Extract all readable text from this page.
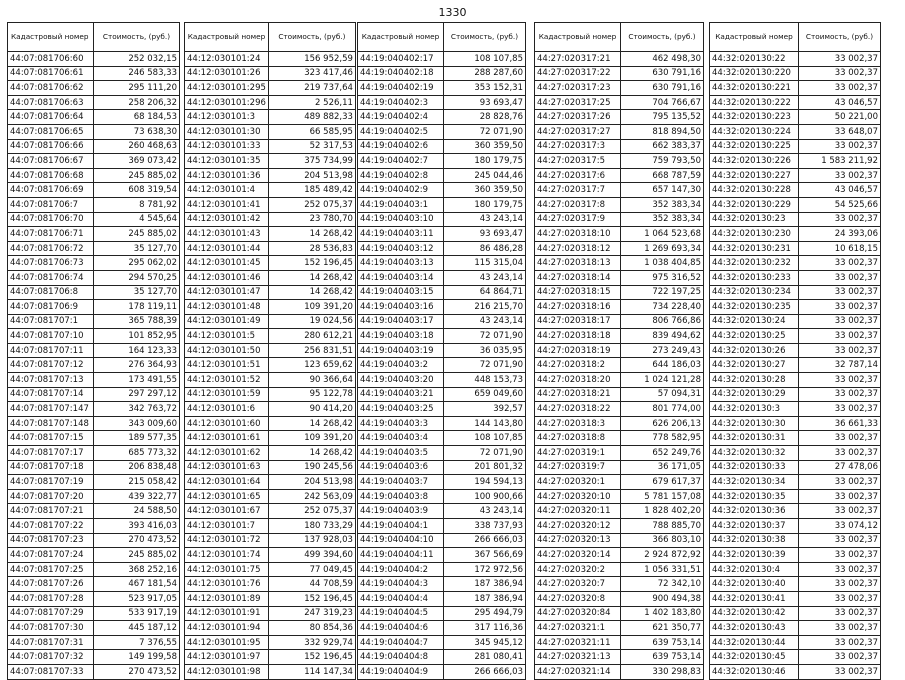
1330
Кадастровый номер	Стоимость, (руб.)
44:07:081706:60	252 032,15
44:07:081706:61	246 583,33
44:07:081706:62	295 111,20
44:07:081706:63	258 206,32
44:07:081706:64	68 184,53
44:07:081706:65	73 638,30
44:07:081706:66	260 468,63
44:07:081706:67	369 073,42
44:07:081706:68	245 885,02
44:07:081706:69	608 319,54
44:07:081706:7	8 781,92
44:07:081706:70	4 545,64
44:07:081706:71	245 885,02
44:07:081706:72	35 127,70
44:07:081706:73	295 062,02
44:07:081706:74	294 570,25
44:07:081706:8	35 127,70
44:07:081706:9	178 119,11
44:07:081707:1	365 788,39
44:07:081707:10	101 852,95
44:07:081707:11	164 123,33
44:07:081707:12	276 364,93
44:07:081707:13	173 491,55
44:07:081707:14	297 297,12
44:07:081707:147	342 763,72
44:07:081707:148	343 009,60
44:07:081707:15	189 577,35
44:07:081707:17	685 773,32
44:07:081707:18	206 838,48
44:07:081707:19	215 058,42
44:07:081707:20	439 322,77
44:07:081707:21	24 588,50
44:07:081707:22	393 416,03
44:07:081707:23	270 473,52
44:07:081707:24	245 885,02
44:07:081707:25	368 252,16
44:07:081707:26	467 181,54
44:07:081707:28	523 917,05
44:07:081707:29	533 917,19
44:07:081707:30	445 187,12
44:07:081707:31	7 376,55
44:07:081707:32	149 199,58
44:07:081707:33	270 473,52
Кадастровый номер	Стоимость, (руб.)
44:12:030101:24	156 952,59
44:12:030101:26	323 417,46
44:12:030101:295	219 737,64
44:12:030101:296	2 526,11
44:12:030101:3	489 882,33
44:12:030101:30	66 585,95
44:12:030101:33	52 317,53
44:12:030101:35	375 734,99
44:12:030101:36	204 513,98
44:12:030101:4	185 489,42
44:12:030101:41	252 075,37
44:12:030101:42	23 780,70
44:12:030101:43	14 268,42
44:12:030101:44	28 536,83
44:12:030101:45	152 196,45
44:12:030101:46	14 268,42
44:12:030101:47	14 268,42
44:12:030101:48	109 391,20
44:12:030101:49	19 024,56
44:12:030101:5	280 612,21
44:12:030101:50	256 831,51
44:12:030101:51	123 659,62
44:12:030101:52	90 366,64
44:12:030101:59	95 122,78
44:12:030101:6	90 414,20
44:12:030101:60	14 268,42
44:12:030101:61	109 391,20
44:12:030101:62	14 268,42
44:12:030101:63	190 245,56
44:12:030101:64	204 513,98
44:12:030101:65	242 563,09
44:12:030101:67	252 075,37
44:12:030101:7	180 733,29
44:12:030101:72	137 928,03
44:12:030101:74	499 394,60
44:12:030101:75	77 049,45
44:12:030101:76	44 708,59
44:12:030101:89	152 196,45
44:12:030101:91	247 319,23
44:12:030101:94	80 854,36
44:12:030101:95	332 929,74
44:12:030101:97	152 196,45
44:12:030101:98	114 147,34
Кадастровый номер	Стоимость, (руб.)
44:19:040402:17	108 107,85
44:19:040402:18	288 287,60
44:19:040402:19	353 152,31
44:19:040402:3	93 693,47
44:19:040402:4	28 828,76
44:19:040402:5	72 071,90
44:19:040402:6	360 359,50
44:19:040402:7	180 179,75
44:19:040402:8	245 044,46
44:19:040402:9	360 359,50
44:19:040403:1	180 179,75
44:19:040403:10	43 243,14
44:19:040403:11	93 693,47
44:19:040403:12	86 486,28
44:19:040403:13	115 315,04
44:19:040403:14	43 243,14
44:19:040403:15	64 864,71
44:19:040403:16	216 215,70
44:19:040403:17	43 243,14
44:19:040403:18	72 071,90
44:19:040403:19	36 035,95
44:19:040403:2	72 071,90
44:19:040403:20	448 153,73
44:19:040403:21	659 049,60
44:19:040403:25	392,57
44:19:040403:3	144 143,80
44:19:040403:4	108 107,85
44:19:040403:5	72 071,90
44:19:040403:6	201 801,32
44:19:040403:7	194 594,13
44:19:040403:8	100 900,66
44:19:040403:9	43 243,14
44:19:040404:1	338 737,93
44:19:040404:10	266 666,03
44:19:040404:11	367 566,69
44:19:040404:2	172 972,56
44:19:040404:3	187 386,94
44:19:040404:4	187 386,94
44:19:040404:5	295 494,79
44:19:040404:6	317 116,36
44:19:040404:7	345 945,12
44:19:040404:8	281 080,41
44:19:040404:9	266 666,03
Кадастровый номер	Стоимость, (руб.)
44:27:020317:21	462 498,30
44:27:020317:22	630 791,16
44:27:020317:23	630 791,16
44:27:020317:25	704 766,67
44:27:020317:26	795 135,52
44:27:020317:27	818 894,50
44:27:020317:3	662 383,37
44:27:020317:5	759 793,50
44:27:020317:6	668 787,59
44:27:020317:7	657 147,30
44:27:020317:8	352 383,34
44:27:020317:9	352 383,34
44:27:020318:10	1 064 523,68
44:27:020318:12	1 269 693,34
44:27:020318:13	1 038 404,85
44:27:020318:14	975 316,52
44:27:020318:15	722 197,25
44:27:020318:16	734 228,40
44:27:020318:17	806 766,86
44:27:020318:18	839 494,62
44:27:020318:19	273 249,43
44:27:020318:2	644 186,03
44:27:020318:20	1 024 121,28
44:27:020318:21	57 094,31
44:27:020318:22	801 774,00
44:27:020318:3	626 206,13
44:27:020318:8	778 582,95
44:27:020319:1	652 249,76
44:27:020319:7	36 171,05
44:27:020320:1	679 617,37
44:27:020320:10	5 781 157,08
44:27:020320:11	1 828 402,20
44:27:020320:12	788 885,70
44:27:020320:13	366 803,10
44:27:020320:14	2 924 872,92
44:27:020320:2	1 056 331,51
44:27:020320:7	72 342,10
44:27:020320:8	900 494,38
44:27:020320:84	1 402 183,80
44:27:020321:1	621 350,77
44:27:020321:11	639 753,14
44:27:020321:13	639 753,14
44:27:020321:14	330 298,83
Кадастровый номер	Стоимость, (руб.)
44:32:020130:22	33 002,37
44:32:020130:220	33 002,37
44:32:020130:221	33 002,37
44:32:020130:222	43 046,57
44:32:020130:223	50 221,00
44:32:020130:224	33 648,07
44:32:020130:225	33 002,37
44:32:020130:226	1 583 211,92
44:32:020130:227	33 002,37
44:32:020130:228	43 046,57
44:32:020130:229	54 525,66
44:32:020130:23	33 002,37
44:32:020130:230	24 393,06
44:32:020130:231	10 618,15
44:32:020130:232	33 002,37
44:32:020130:233	33 002,37
44:32:020130:234	33 002,37
44:32:020130:235	33 002,37
44:32:020130:24	33 002,37
44:32:020130:25	33 002,37
44:32:020130:26	33 002,37
44:32:020130:27	32 787,14
44:32:020130:28	33 002,37
44:32:020130:29	33 002,37
44:32:020130:3	33 002,37
44:32:020130:30	36 661,33
44:32:020130:31	33 002,37
44:32:020130:32	33 002,37
44:32:020130:33	27 478,06
44:32:020130:34	33 002,37
44:32:020130:35	33 002,37
44:32:020130:36	33 002,37
44:32:020130:37	33 074,12
44:32:020130:38	33 002,37
44:32:020130:39	33 002,37
44:32:020130:4	33 002,37
44:32:020130:40	33 002,37
44:32:020130:41	33 002,37
44:32:020130:42	33 002,37
44:32:020130:43	33 002,37
44:32:020130:44	33 002,37
44:32:020130:45	33 002,37
44:32:020130:46	33 002,37
